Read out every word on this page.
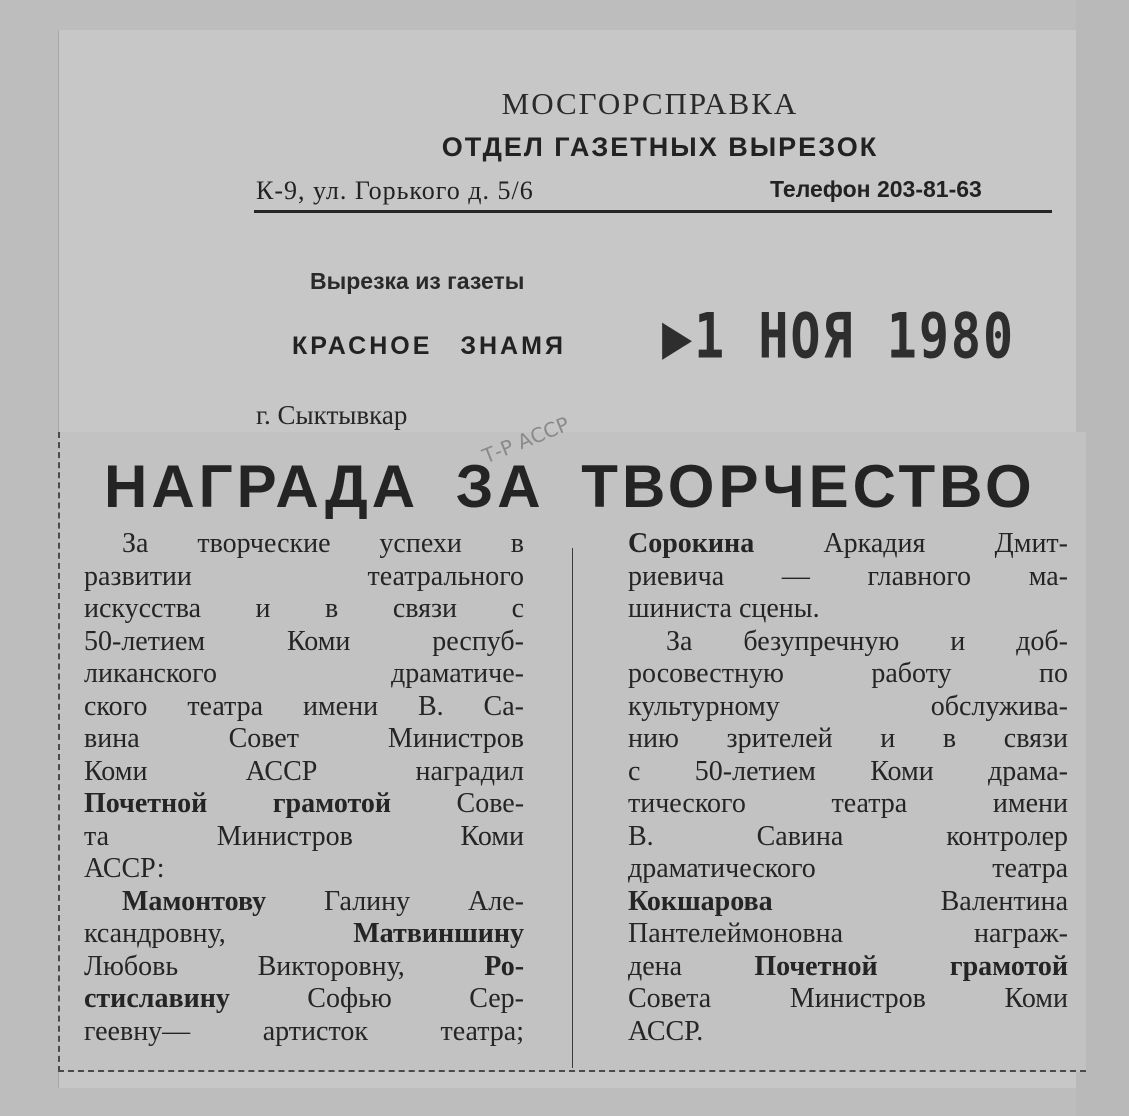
МОСГОРСПРАВКА
ОТДЕЛ ГАЗЕТНЫХ ВЫРЕЗОК
К-9, ул. Горького д. 5/6	Телефон 203-81-63
Вырезка из газеты
КРАСНОЕ ЗНАМЯ ▶1 НОЯ 1980
г. Сыктывкар	Т-Р АССР
НАГРАДА ЗА ТВОРЧЕСТВО
За творческие успехи в
развитии театрального
искусства и в связи с
50-летием Коми респуб-
ликанского драматиче-
ского театра имени В. Са-
вина Совет Министров
Коми АССР наградил
Почетной грамотой Сове-
та Министров Коми
АССР:
Мамонтову Галину Але-
ксандровну,	Матвиншину
Любовь Викторовну,	Ро-
стиславину	Софью Сер-
геевну— артисток театра;
Сорокина Аркадия Дмит-
риевича — главного ма-
шиниста сцены.
За безупречную и доб-
росовестную работу по
культурному обслужива-
нию зрителей и в связи
с 50-летием Коми драма-
тического театра имени
В. Савина контролер
драматического театра
Кокшарова	Валентина
Пантелеймоновна награж-
дена	Почетной грамотой
Совета Министров Коми
АССР.
